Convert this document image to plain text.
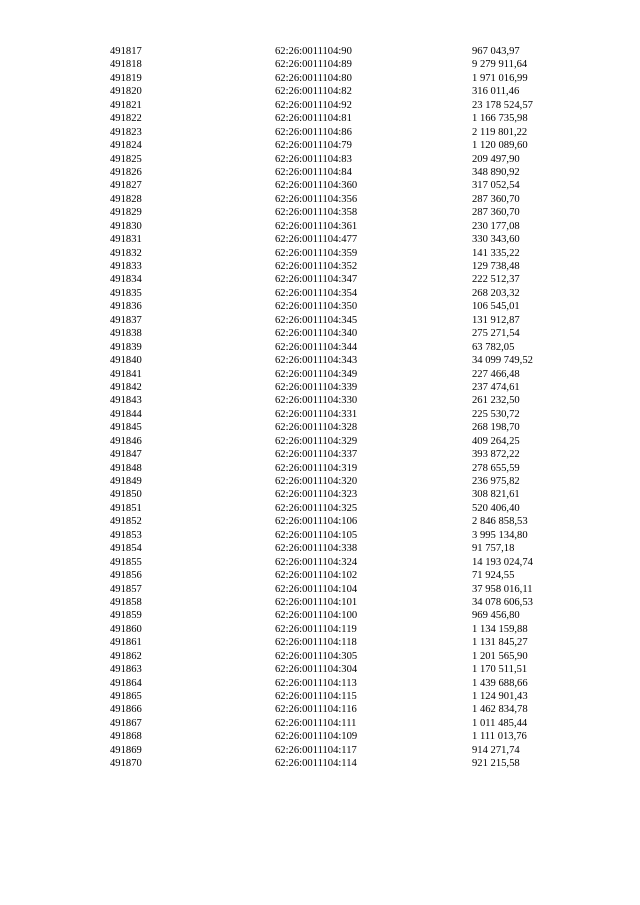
491817	62:26:0011104:90	967 043,97
491818	62:26:0011104:89	9 279 911,64
491819	62:26:0011104:80	1 971 016,99
491820	62:26:0011104:82	316 011,46
491821	62:26:0011104:92	23 178 524,57
491822	62:26:0011104:81	1 166 735,98
491823	62:26:0011104:86	2 119 801,22
491824	62:26:0011104:79	1 120 089,60
491825	62:26:0011104:83	209 497,90
491826	62:26:0011104:84	348 890,92
491827	62:26:0011104:360	317 052,54
491828	62:26:0011104:356	287 360,70
491829	62:26:0011104:358	287 360,70
491830	62:26:0011104:361	230 177,08
491831	62:26:0011104:477	330 343,60
491832	62:26:0011104:359	141 335,22
491833	62:26:0011104:352	129 738,48
491834	62:26:0011104:347	222 512,37
491835	62:26:0011104:354	268 203,32
491836	62:26:0011104:350	106 545,01
491837	62:26:0011104:345	131 912,87
491838	62:26:0011104:340	275 271,54
491839	62:26:0011104:344	63 782,05
491840	62:26:0011104:343	34 099 749,52
491841	62:26:0011104:349	227 466,48
491842	62:26:0011104:339	237 474,61
491843	62:26:0011104:330	261 232,50
491844	62:26:0011104:331	225 530,72
491845	62:26:0011104:328	268 198,70
491846	62:26:0011104:329	409 264,25
491847	62:26:0011104:337	393 872,22
491848	62:26:0011104:319	278 655,59
491849	62:26:0011104:320	236 975,82
491850	62:26:0011104:323	308 821,61
491851	62:26:0011104:325	520 406,40
491852	62:26:0011104:106	2 846 858,53
491853	62:26:0011104:105	3 995 134,80
491854	62:26:0011104:338	91 757,18
491855	62:26:0011104:324	14 193 024,74
491856	62:26:0011104:102	71 924,55
491857	62:26:0011104:104	37 958 016,11
491858	62:26:0011104:101	34 078 606,53
491859	62:26:0011104:100	969 456,80
491860	62:26:0011104:119	1 134 159,88
491861	62:26:0011104:118	1 131 845,27
491862	62:26:0011104:305	1 201 565,90
491863	62:26:0011104:304	1 170 511,51
491864	62:26:0011104:113	1 439 688,66
491865	62:26:0011104:115	1 124 901,43
491866	62:26:0011104:116	1 462 834,78
491867	62:26:0011104:111	1 011 485,44
491868	62:26:0011104:109	1 111 013,76
491869	62:26:0011104:117	914 271,74
491870	62:26:0011104:114	921 215,58
